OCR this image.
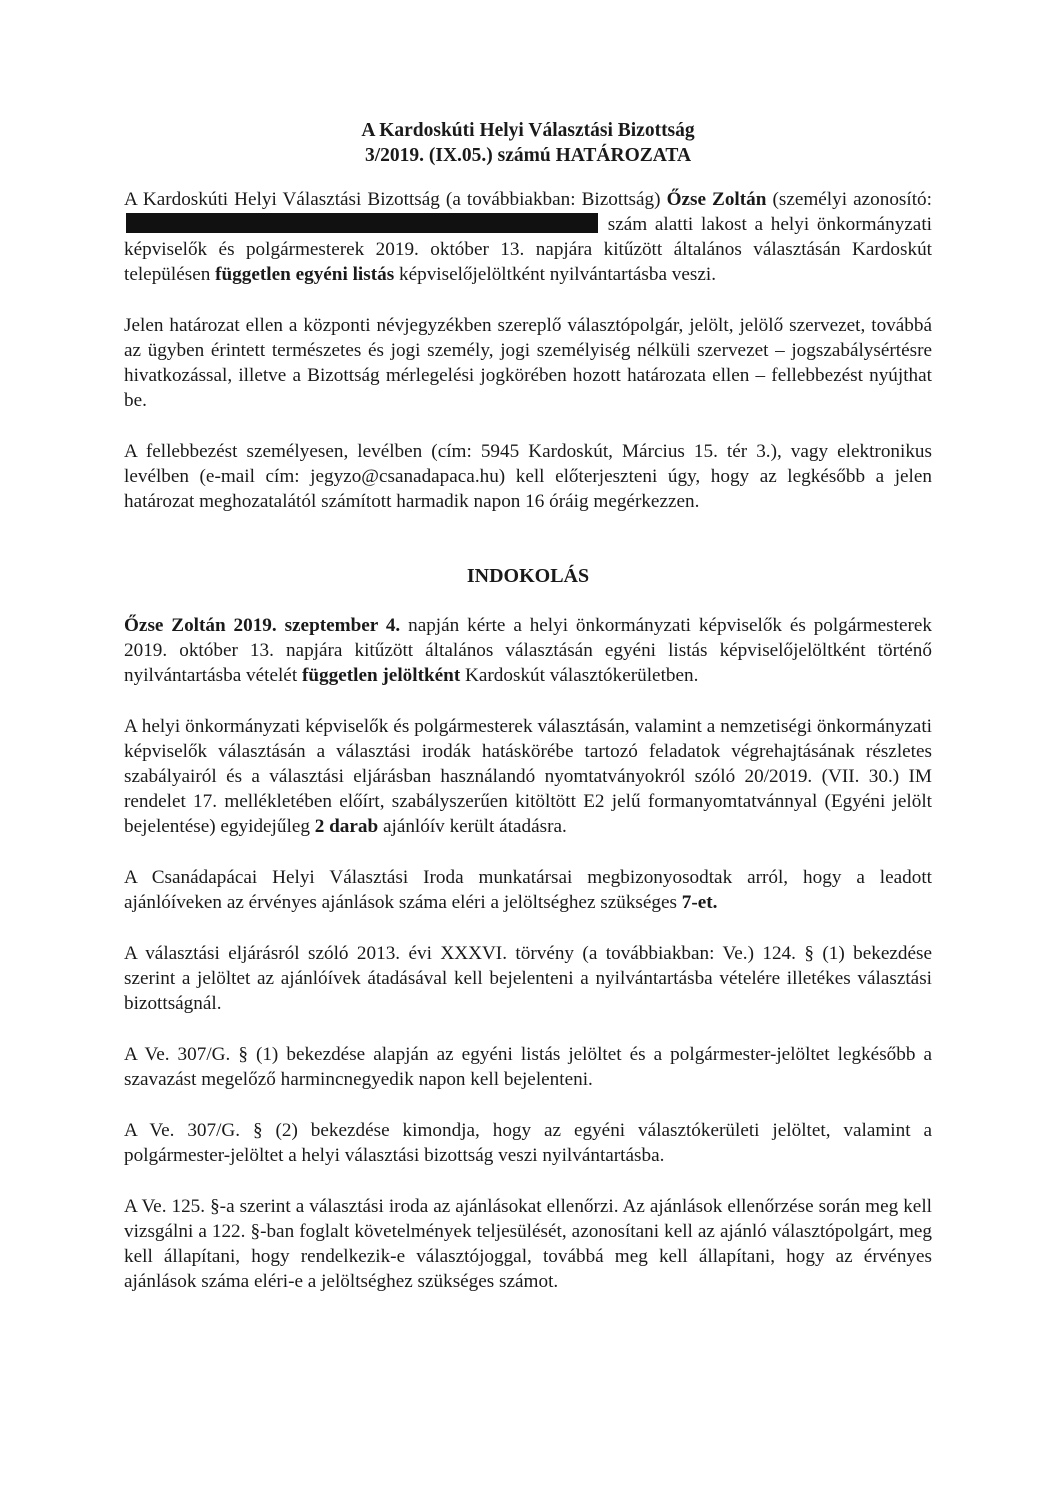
A Kardoskúti Helyi Választási Bizottság
3/2019. (IX.05.) számú HATÁROZATA

A Kardoskúti Helyi Választási Bizottság (a továbbiakban: Bizottság) Őzse Zoltán (személyi azonosító:  szám alatti lakost a helyi önkormányzati képviselők és polgármesterek 2019. október 13. napjára kitűzött általános választásán Kardoskút településen független egyéni listás képviselőjelöltként nyilvántartásba veszi.

Jelen határozat ellen a központi névjegyzékben szereplő választópolgár, jelölt, jelölő szervezet, továbbá az ügyben érintett természetes és jogi személy, jogi személyiség nélküli szervezet – jogszabálysértésre hivatkozással, illetve a Bizottság mérlegelési jogkörében hozott határozata ellen – fellebbezést nyújthat be.

A fellebbezést személyesen, levélben (cím: 5945 Kardoskút, Március 15. tér 3.), vagy elektronikus levélben (e-mail cím: jegyzo@csanadapaca.hu) kell előterjeszteni úgy, hogy az legkésőbb a jelen határozat meghozatalától számított harmadik napon 16 óráig megérkezzen.

INDOKOLÁS

Őzse Zoltán 2019. szeptember 4. napján kérte a helyi önkormányzati képviselők és polgármesterek 2019. október 13. napjára kitűzött általános választásán egyéni listás képviselőjelöltként történő nyilvántartásba vételét független jelöltként Kardoskút választókerületben.

A helyi önkormányzati képviselők és polgármesterek választásán, valamint a nemzetiségi önkormányzati képviselők választásán a választási irodák hatáskörébe tartozó feladatok végrehajtásának részletes szabályairól és a választási eljárásban használandó nyomtatványokról szóló 20/2019. (VII. 30.) IM rendelet 17. mellékletében előírt, szabályszerűen kitöltött E2 jelű formanyomtatvánnyal (Egyéni jelölt bejelentése) egyidejűleg 2 darab ajánlóív került átadásra.

A Csanádapácai Helyi Választási Iroda munkatársai megbizonyosodtak arról, hogy a leadott ajánlóíveken az érvényes ajánlások száma eléri a jelöltséghez szükséges 7-et.

A választási eljárásról szóló 2013. évi XXXVI. törvény (a továbbiakban: Ve.) 124. § (1) bekezdése szerint a jelöltet az ajánlóívek átadásával kell bejelenteni a nyilvántartásba vételére illetékes választási bizottságnál.

A Ve. 307/G. § (1) bekezdése alapján az egyéni listás jelöltet és a polgármester-jelöltet legkésőbb a szavazást megelőző harmincnegyedik napon kell bejelenteni.

A Ve. 307/G. § (2) bekezdése kimondja, hogy az egyéni választókerületi jelöltet, valamint a polgármester-jelöltet a helyi választási bizottság veszi nyilvántartásba.

A Ve. 125. §-a szerint a választási iroda az ajánlásokat ellenőrzi. Az ajánlások ellenőrzése során meg kell vizsgálni a 122. §-ban foglalt követelmények teljesülését, azonosítani kell az ajánló választópolgárt, meg kell állapítani, hogy rendelkezik-e választójoggal, továbbá meg kell állapítani, hogy az érvényes ajánlások száma eléri-e a jelöltséghez szükséges számot.
